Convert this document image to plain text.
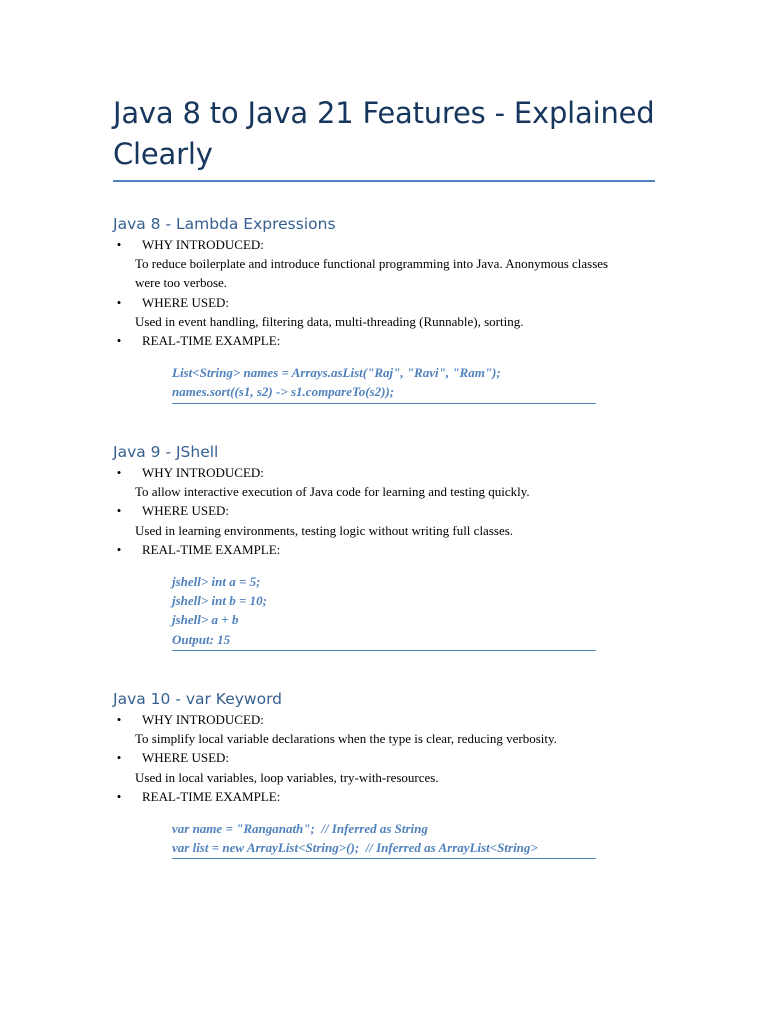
Java 8 to Java 21 Features - Explained Clearly
Java 8 - Lambda Expressions
• WHY INTRODUCED:
To reduce boilerplate and introduce functional programming into Java. Anonymous classes were too verbose.
• WHERE USED:
Used in event handling, filtering data, multi-threading (Runnable), sorting.
• REAL-TIME EXAMPLE:
List<String> names = Arrays.asList("Raj", "Ravi", "Ram");
names.sort((s1, s2) -> s1.compareTo(s2));
Java 9 - JShell
• WHY INTRODUCED:
To allow interactive execution of Java code for learning and testing quickly.
• WHERE USED:
Used in learning environments, testing logic without writing full classes.
• REAL-TIME EXAMPLE:
jshell> int a = 5;
jshell> int b = 10;
jshell> a + b
Output: 15
Java 10 - var Keyword
• WHY INTRODUCED:
To simplify local variable declarations when the type is clear, reducing verbosity.
• WHERE USED:
Used in local variables, loop variables, try-with-resources.
• REAL-TIME EXAMPLE:
var name = "Ranganath";  // Inferred as String
var list = new ArrayList<String>();  // Inferred as ArrayList<String>
